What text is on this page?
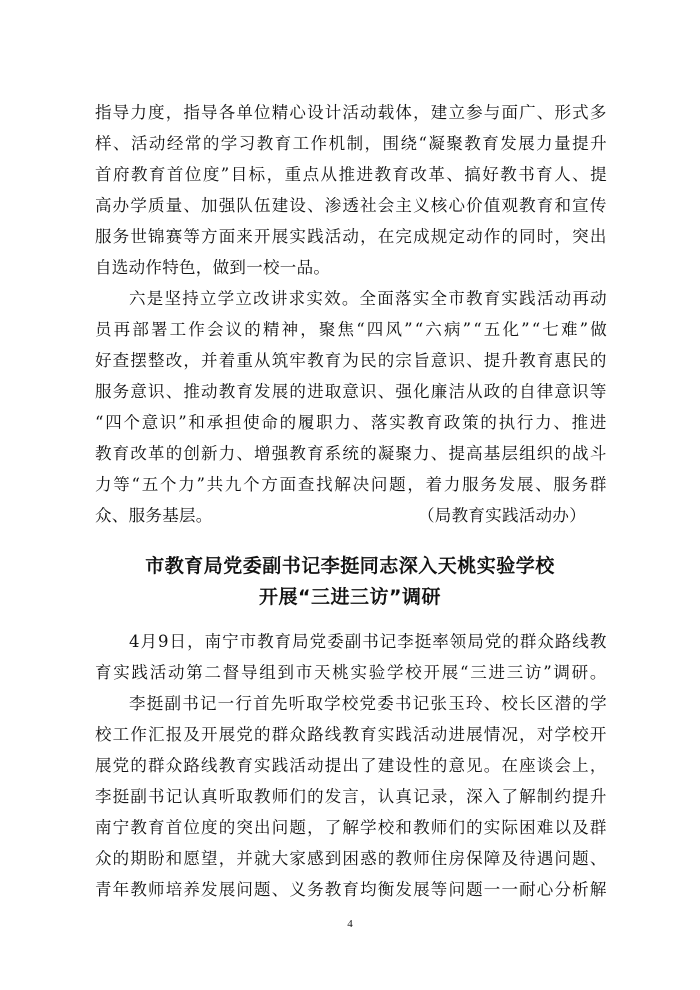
指 导 力 度 ， 指 导 各 单 位 精 心 设 计 活 动 载 体 ， 建 立 参 与 面 广 、 形 式 多

样 、 活 动 经 常 的 学 习 教 育 工 作 机 制 ， 围 绕 “ 凝 聚 教 育 发 展 力 量 提 升

首 府 教 育 首 位 度 ” 目 标 ， 重 点 从 推 进 教 育 改 革 、 搞 好 教 书 育 人 、 提

高 办 学 质 量 、 加 强 队 伍 建 设 、 渗 透 社 会 主 义 核 心 价 值 观 教 育 和 宣 传

服 务 世 锦 赛 等 方 面 来 开 展 实 践 活 动 ， 在 完 成 规 定 动 作 的 同 时 ， 突 出

自选动作特色，做到一校一品。

六 是 坚 持 立 学 立 改 讲 求 实 效 。 全 面 落 实 全 市 教 育 实 践 活 动 再 动

员 再 部 署 工 作 会 议 的 精 神 ， 聚 焦 “ 四 风 ” “ 六 病 ” “ 五 化 ” “ 七 难 ” 做

好 查 摆 整 改 ， 并 着 重 从 筑 牢 教 育 为 民 的 宗 旨 意 识 、 提 升 教 育 惠 民 的

服 务 意 识 、 推 动 教 育 发 展 的 进 取 意 识 、 强 化 廉 洁 从 政 的 自 律 意 识 等

“ 四 个 意 识 ” 和 承 担 使 命 的 履 职 力 、 落 实 教 育 政 策 的 执 行 力 、 推 进

教 育 改 革 的 创 新 力 、 增 强 教 育 系 统 的 凝 聚 力 、 提 高 基 层 组 织 的 战 斗

力 等 “ 五 个 力 ” 共 九 个 方 面 查 找 解 决 问 题 ， 着 力 服 务 发 展 、 服 务 群

众、服务基层。	（局教育实践活动办）

市教育局党委副书记李挺同志深入天桃实验学校
开展“三进三访”调研

4 月 9 日 ， 南 宁 市 教 育 局 党 委 副 书 记 李 挺 率 领 局 党 的 群 众 路 线 教

育 实 践 活 动 第 二 督 导 组 到 市 天 桃 实 验 学 校 开 展 “ 三 进 三 访 ” 调 研 。

李 挺 副 书 记 一 行 首 先 听 取 学 校 党 委 书 记 张 玉 玲 、 校 长 区 潜 的 学

校 工 作 汇 报 及 开 展 党 的 群 众 路 线 教 育 实 践 活 动 进 展 情 况 ， 对 学 校 开

展 党 的 群 众 路 线 教 育 实 践 活 动 提 出 了 建 设 性 的 意 见 。 在 座 谈 会 上 ，

李 挺 副 书 记 认 真 听 取 教 师 们 的 发 言 ， 认 真 记 录 ， 深 入 了 解 制 约 提 升

南 宁 教 育 首 位 度 的 突 出 问 题 ， 了 解 学 校 和 教 师 们 的 实 际 困 难 以 及 群

众 的 期 盼 和 愿 望 ， 并 就 大 家 感 到 困 惑 的 教 师 住 房 保 障 及 待 遇 问 题 、

青 年 教 师 培 养 发 展 问 题 、 义 务 教 育 均 衡 发 展 等 问 题 一 一 耐 心 分 析 解

4
